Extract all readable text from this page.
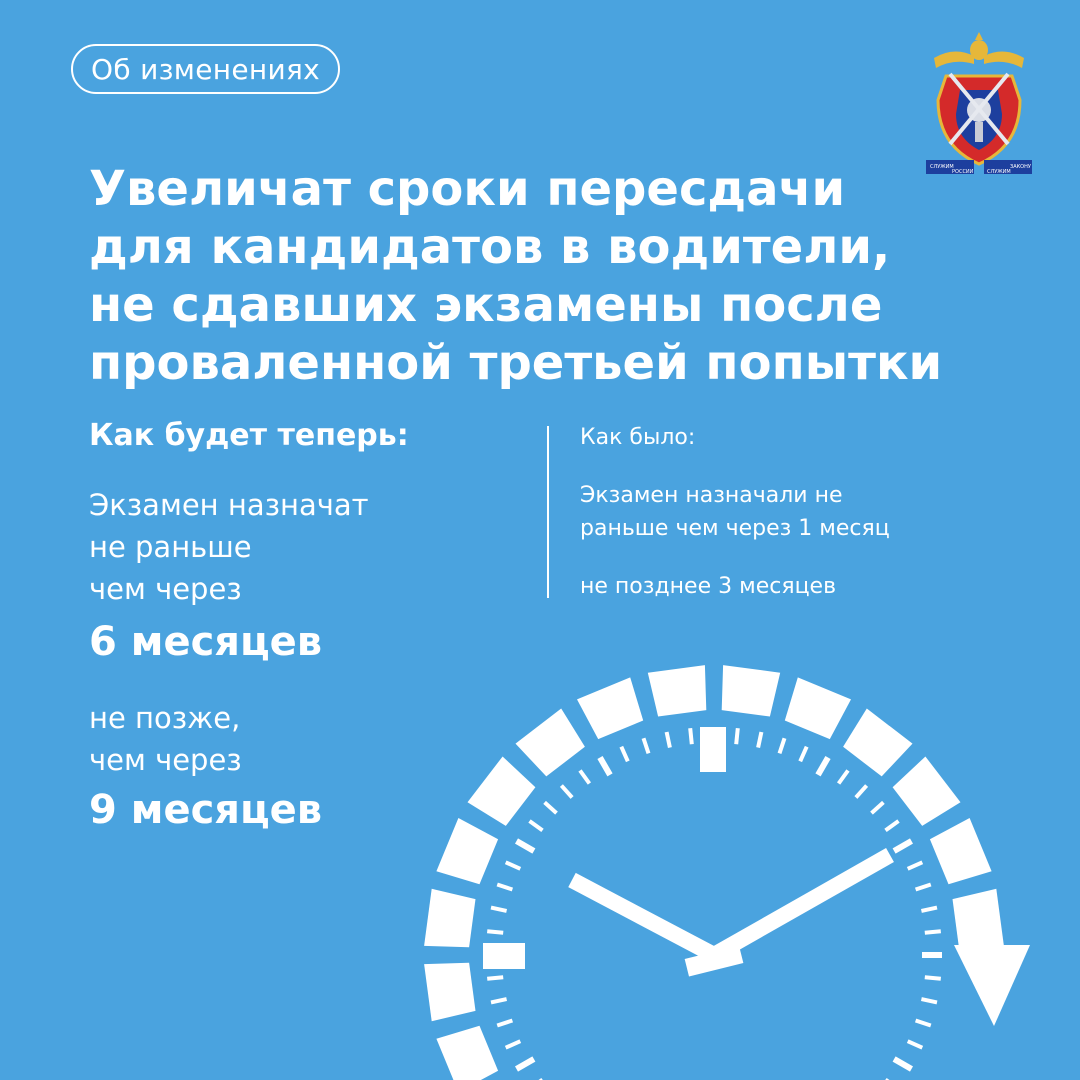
Об изменениях
СЛУЖИМ
РОССИИ	СЛУЖИМ
ЗАКОНУ
Увеличат сроки пересдачи
для кандидатов в водители,
не сдавших экзамены после
проваленной третьей попытки
Как будет теперь:
Экзамен назначат
не раньше
чем через
6 месяцев
не позже,
чем через
9 месяцев
Как было:
Экзамен назначали не
раньше чем через 1 месяц
не позднее 3 месяцев
